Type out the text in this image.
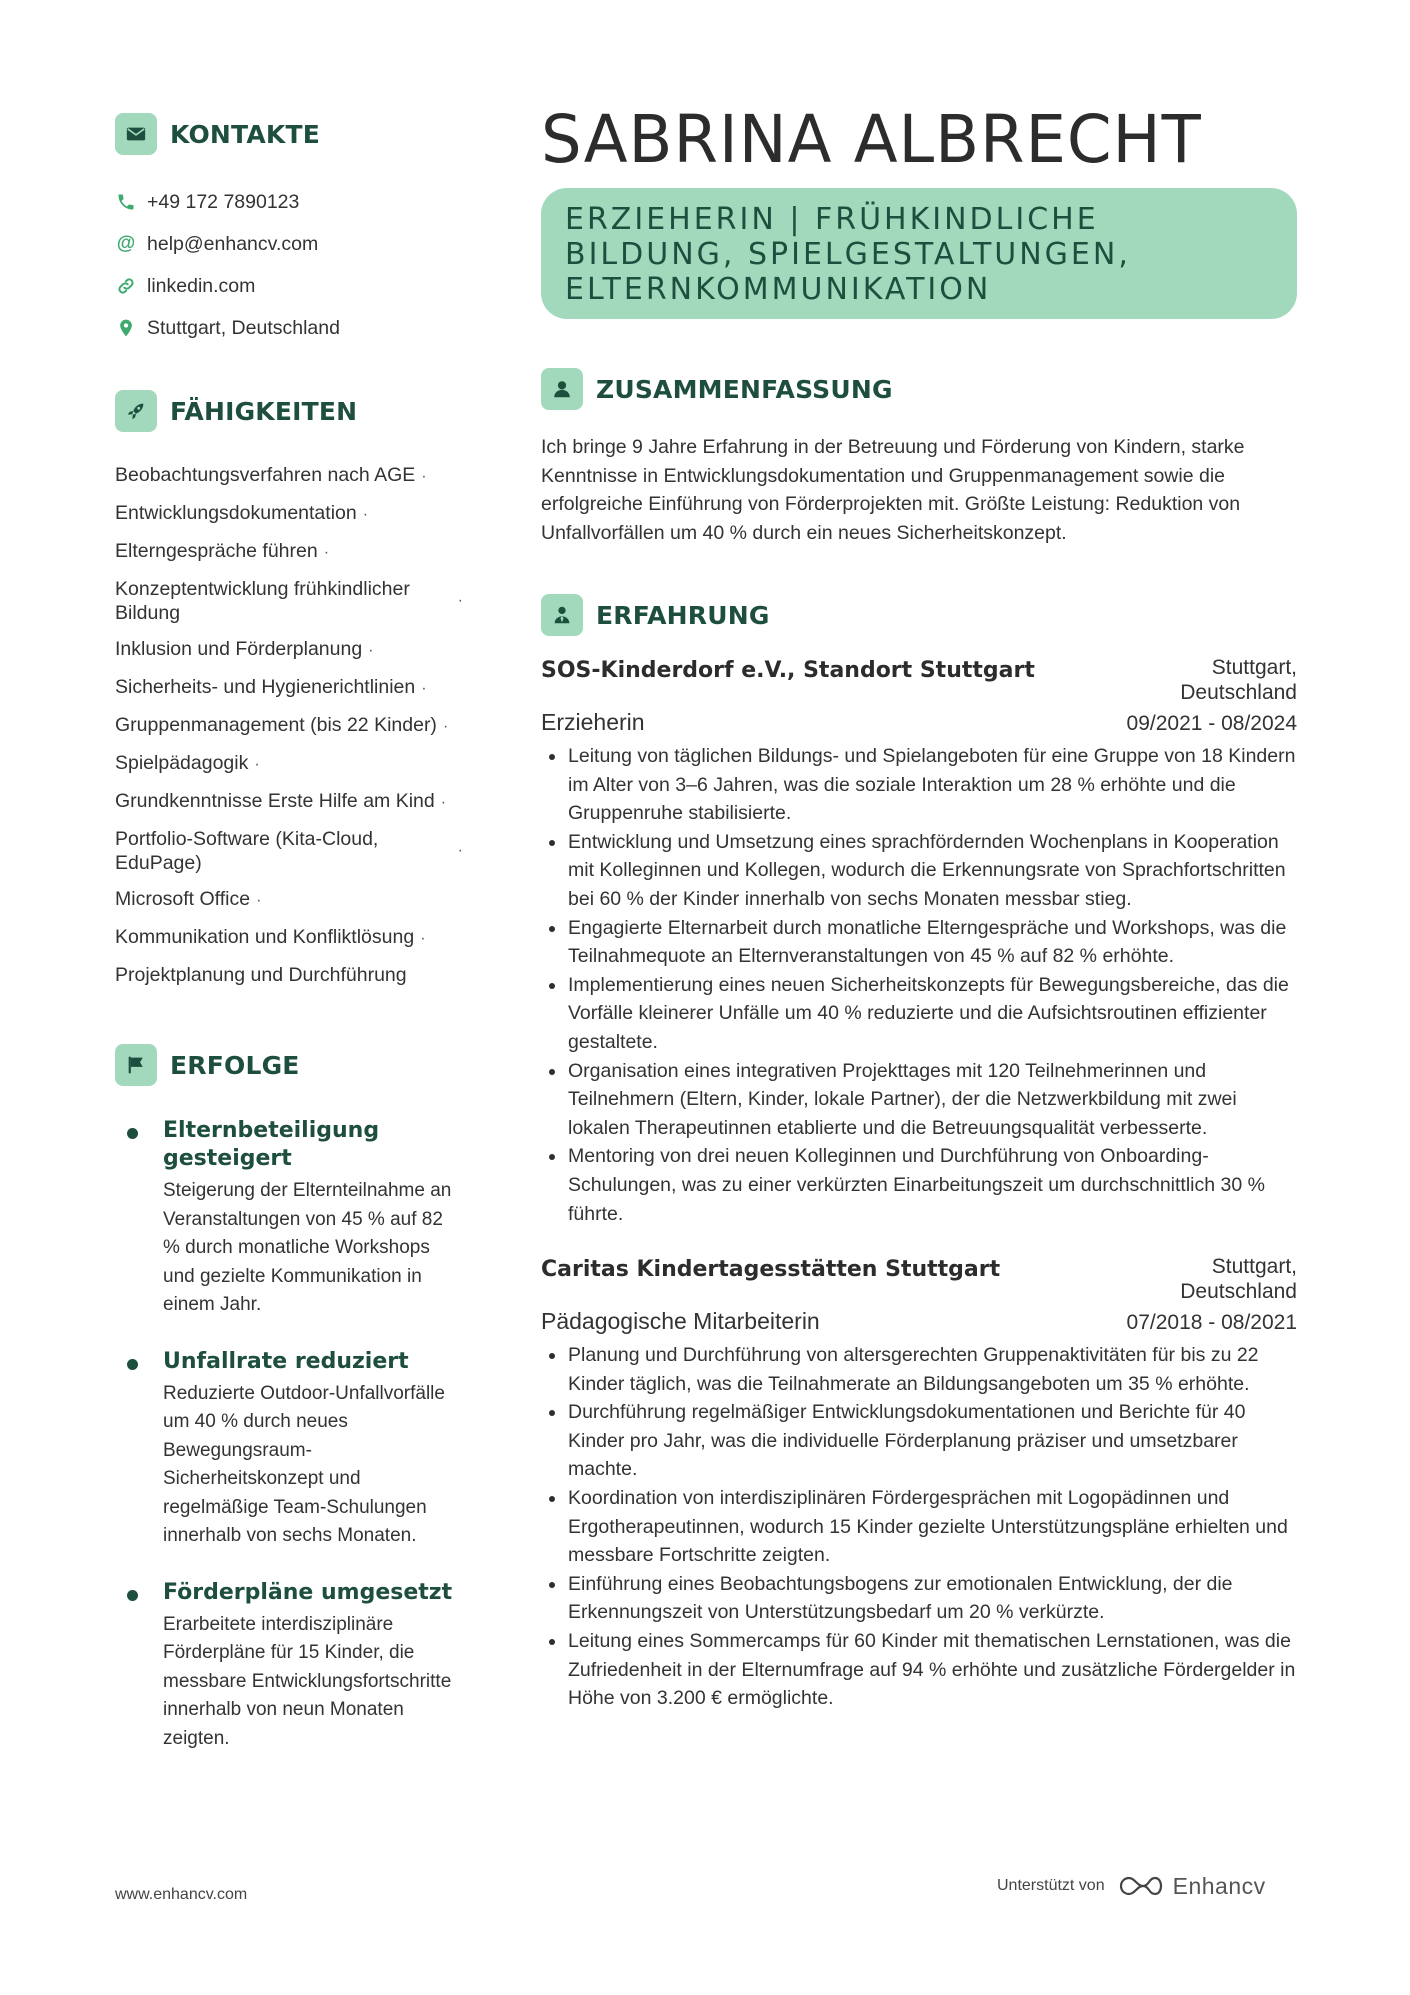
KONTAKTE
+49 172 7890123
@ help@enhancv.com
linkedin.com
Stuttgart, Deutschland
FÄHIGKEITEN
Beobachtungsverfahren nach AGE ·
Entwicklungsdokumentation ·
Elterngespräche führen ·
Konzeptentwicklung frühkindlicher Bildung
·
Inklusion und Förderplanung ·
Sicherheits- und Hygienerichtlinien ·
Gruppenmanagement (bis 22 Kinder) ·
Spielpädagogik ·
Grundkenntnisse Erste Hilfe am Kind ·
Portfolio-Software (Kita-Cloud, EduPage)
·
Microsoft Office ·
Kommunikation und Konfliktlösung ·
Projektplanung und Durchführung
ERFOLGE
Elternbeteiligung gesteigert
Steigerung der Elternteilnahme an Veranstaltungen von 45 % auf 82 % durch monatliche Workshops und gezielte Kommunikation in einem Jahr.
Unfallrate reduziert
Reduzierte Outdoor-Unfallvorfälle um 40 % durch neues Bewegungsraum-Sicherheitskonzept und regelmäßige Team-Schulungen innerhalb von sechs Monaten.
Förderpläne umgesetzt
Erarbeitete interdisziplinäre Förderpläne für 15 Kinder, die messbare Entwicklungsfortschritte innerhalb von neun Monaten zeigten.
SABRINA ALBRECHT
ERZIEHERIN | FRÜHKINDLICHE BILDUNG, SPIELGESTALTUNGEN, ELTERNKOMMUNIKATION
ZUSAMMENFASSUNG
Ich bringe 9 Jahre Erfahrung in der Betreuung und Förderung von Kindern, starke Kenntnisse in Entwicklungsdokumentation und Gruppenmanagement sowie die erfolgreiche Einführung von Förderprojekten mit. Größte Leistung: Reduktion von Unfallvorfällen um 40 % durch ein neues Sicherheitskonzept.
ERFAHRUNG
SOS-Kinderdorf e.V., Standort Stuttgart	Stuttgart, Deutschland
Erzieherin	09/2021 - 08/2024
Leitung von täglichen Bildungs- und Spielangeboten für eine Gruppe von 18 Kindern im Alter von 3–6 Jahren, was die soziale Interaktion um 28 % erhöhte und die Gruppenruhe stabilisierte.
Entwicklung und Umsetzung eines sprachfördernden Wochenplans in Kooperation mit Kolleginnen und Kollegen, wodurch die Erkennungsrate von Sprachfortschritten bei 60 % der Kinder innerhalb von sechs Monaten messbar stieg.
Engagierte Elternarbeit durch monatliche Elterngespräche und Workshops, was die Teilnahmequote an Elternveranstaltungen von 45 % auf 82 % erhöhte.
Implementierung eines neuen Sicherheitskonzepts für Bewegungsbereiche, das die Vorfälle kleinerer Unfälle um 40 % reduzierte und die Aufsichtsroutinen effizienter gestaltete.
Organisation eines integrativen Projekttages mit 120 Teilnehmerinnen und Teilnehmern (Eltern, Kinder, lokale Partner), der die Netzwerkbildung mit zwei lokalen Therapeutinnen etablierte und die Betreuungsqualität verbesserte.
Mentoring von drei neuen Kolleginnen und Durchführung von Onboarding-Schulungen, was zu einer verkürzten Einarbeitungszeit um durchschnittlich 30 % führte.
Caritas Kindertagesstätten Stuttgart	Stuttgart, Deutschland
Pädagogische Mitarbeiterin	07/2018 - 08/2021
Planung und Durchführung von altersgerechten Gruppenaktivitäten für bis zu 22 Kinder täglich, was die Teilnahmerate an Bildungsangeboten um 35 % erhöhte.
Durchführung regelmäßiger Entwicklungsdokumentationen und Berichte für 40 Kinder pro Jahr, was die individuelle Förderplanung präziser und umsetzbarer machte.
Koordination von interdisziplinären Fördergesprächen mit Logopädinnen und Ergotherapeutinnen, wodurch 15 Kinder gezielte Unterstützungspläne erhielten und messbare Fortschritte zeigten.
Einführung eines Beobachtungsbogens zur emotionalen Entwicklung, der die Erkennungszeit von Unterstützungsbedarf um 20 % verkürzte.
Leitung eines Sommercamps für 60 Kinder mit thematischen Lernstationen, was die Zufriedenheit in der Elternumfrage auf 94 % erhöhte und zusätzliche Fördergelder in Höhe von 3.200 € ermöglichte.
www.enhancv.com
Unterstützt von	Enhancv
